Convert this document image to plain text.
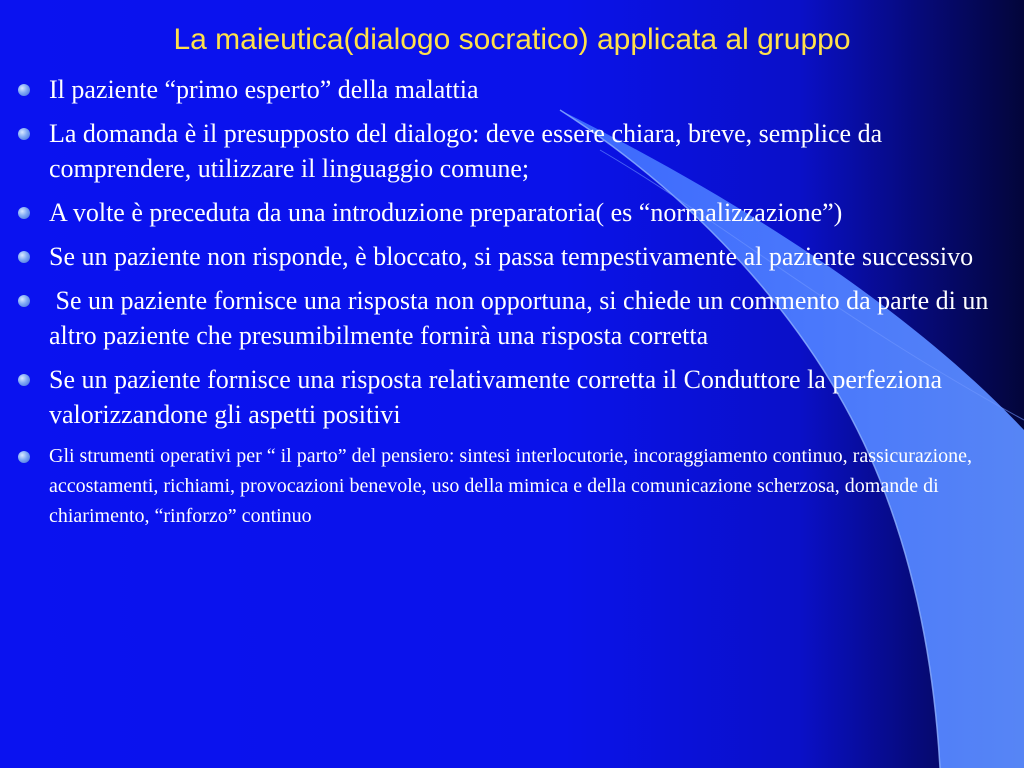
La maieutica(dialogo socratico) applicata al gruppo
Il paziente “primo esperto” della malattia
La domanda è il presupposto del dialogo: deve essere chiara, breve, semplice da comprendere, utilizzare il linguaggio comune;
A volte è preceduta da una introduzione preparatoria( es “normalizzazione”)
Se un paziente non risponde, è bloccato, si passa tempestivamente al paziente successivo
Se un paziente fornisce una risposta non opportuna, si chiede un commento da parte di un altro paziente che presumibilmente fornirà una risposta corretta
Se un paziente fornisce una risposta relativamente corretta il Conduttore la perfeziona valorizzandone gli aspetti positivi
Gli strumenti operativi per “ il parto” del pensiero: sintesi interlocutorie, incoraggiamento continuo, rassicurazione, accostamenti, richiami, provocazioni benevole, uso della mimica e della comunicazione scherzosa, domande di chiarimento, “rinforzo” continuo
